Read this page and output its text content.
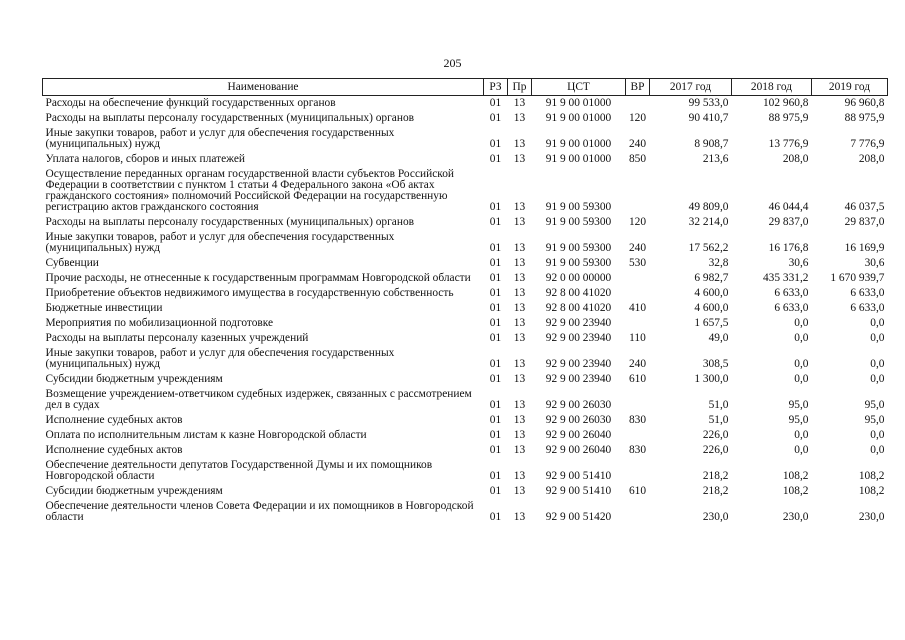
205
Наименование	РЗ	Пр	ЦСТ	ВР	2017 год	2018 год	2019 год
Расходы на обеспечение функций государственных органов	01	13	91 9 00 01000		99 533,0	102 960,8	96 960,8
Расходы на выплаты персоналу государственных (муниципальных) органов	01	13	91 9 00 01000	120	90 410,7	88 975,9	88 975,9
Иные закупки товаров, работ и услуг для обеспечения государственных (муниципальных) нужд	01	13	91 9 00 01000	240	8 908,7	13 776,9	7 776,9
Уплата налогов, сборов и иных платежей	01	13	91 9 00 01000	850	213,6	208,0	208,0
Осуществление переданных органам государственной власти субъектов Российской Федерации в соответствии с пунктом 1 статьи 4 Федерального закона «Об актах гражданского состояния» полномочий Российской Федерации на государственную регистрацию актов гражданского состояния	01	13	91 9 00 59300		49 809,0	46 044,4	46 037,5
Расходы на выплаты персоналу государственных (муниципальных) органов	01	13	91 9 00 59300	120	32 214,0	29 837,0	29 837,0
Иные закупки товаров, работ и услуг для обеспечения государственных (муниципальных) нужд	01	13	91 9 00 59300	240	17 562,2	16 176,8	16 169,9
Субвенции	01	13	91 9 00 59300	530	32,8	30,6	30,6
Прочие расходы, не отнесенные к государственным программам Новгородской области	01	13	92 0 00 00000		6 982,7	435 331,2	1 670 939,7
Приобретение объектов недвижимого имущества в государственную собственность	01	13	92 8 00 41020		4 600,0	6 633,0	6 633,0
Бюджетные инвестиции	01	13	92 8 00 41020	410	4 600,0	6 633,0	6 633,0
Мероприятия по мобилизационной подготовке	01	13	92 9 00 23940		1 657,5	0,0	0,0
Расходы на выплаты персоналу казенных учреждений	01	13	92 9 00 23940	110	49,0	0,0	0,0
Иные закупки товаров, работ и услуг для обеспечения государственных (муниципальных) нужд	01	13	92 9 00 23940	240	308,5	0,0	0,0
Субсидии бюджетным учреждениям	01	13	92 9 00 23940	610	1 300,0	0,0	0,0
Возмещение учреждением-ответчиком судебных издержек, связанных с рассмотрением дел в судах	01	13	92 9 00 26030		51,0	95,0	95,0
Исполнение судебных актов	01	13	92 9 00 26030	830	51,0	95,0	95,0
Оплата по исполнительным листам к казне Новгородской области	01	13	92 9 00 26040		226,0	0,0	0,0
Исполнение судебных актов	01	13	92 9 00 26040	830	226,0	0,0	0,0
Обеспечение деятельности депутатов Государственной Думы и их помощников Новгородской области	01	13	92 9 00 51410		218,2	108,2	108,2
Субсидии бюджетным учреждениям	01	13	92 9 00 51410	610	218,2	108,2	108,2
Обеспечение деятельности членов Совета Федерации и их помощников в Новгородской области	01	13	92 9 00 51420		230,0	230,0	230,0
